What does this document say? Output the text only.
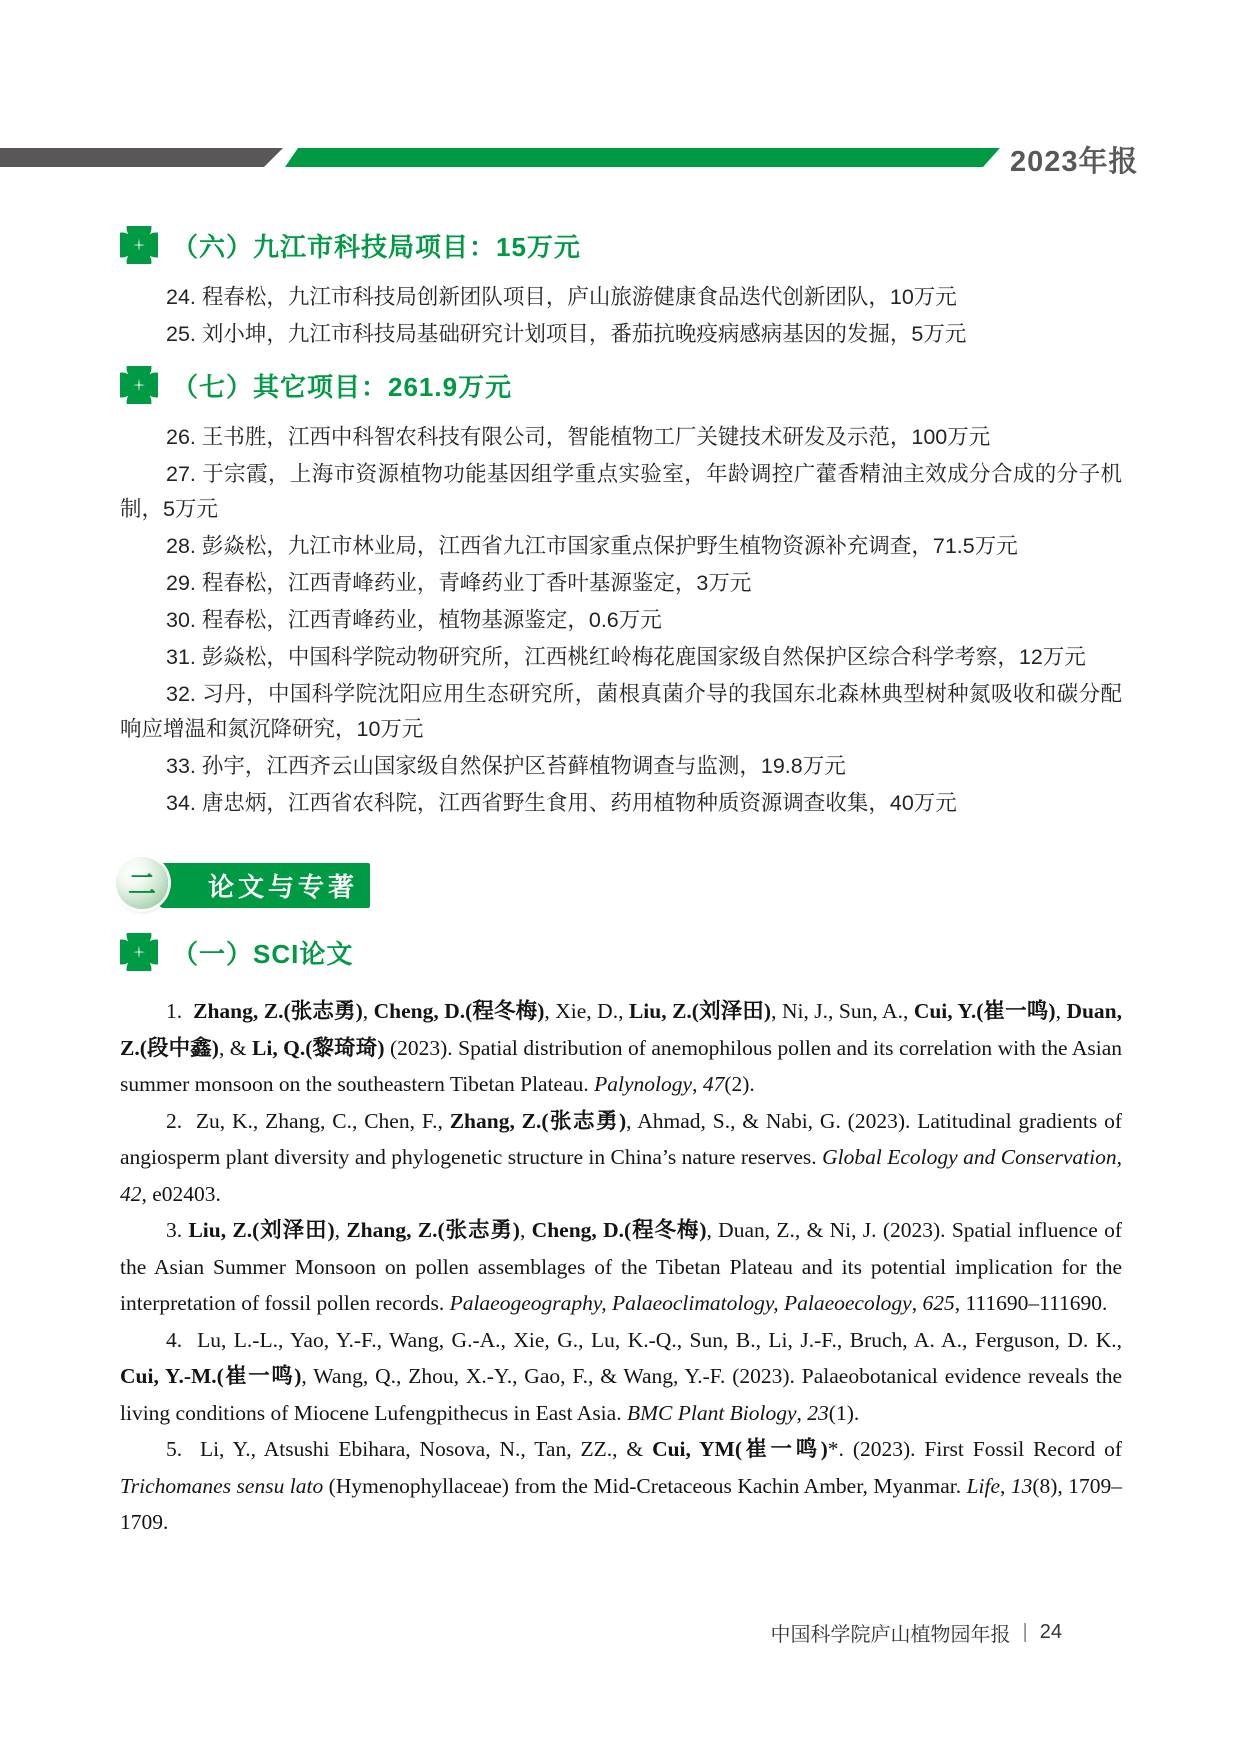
2023年报
（六）九江市科技局项目：15万元

24. 程春松，九江市科技局创新团队项目，庐山旅游健康食品迭代创新团队，10万元

25. 刘小坤，九江市科技局基础研究计划项目，番茄抗晚疫病感病基因的发掘，5万元

（七）其它项目：261.9万元

26. 王书胜，江西中科智农科技有限公司，智能植物工厂关键技术研发及示范，100万元

27. 于宗霞，上海市资源植物功能基因组学重点实验室，年龄调控广藿香精油主效成分合成的分子机制，5万元

28. 彭焱松，九江市林业局，江西省九江市国家重点保护野生植物资源补充调查，71.5万元

29. 程春松，江西青峰药业，青峰药业丁香叶基源鉴定，3万元

30. 程春松，江西青峰药业，植物基源鉴定，0.6万元

31. 彭焱松，中国科学院动物研究所，江西桃红岭梅花鹿国家级自然保护区综合科学考察，12万元

32. 习丹，中国科学院沈阳应用生态研究所，菌根真菌介导的我国东北森林典型树种氮吸收和碳分配响应增温和氮沉降研究，10万元

33. 孙宇，江西齐云山国家级自然保护区苔藓植物调查与监测，19.8万元

34. 唐忠炳，江西省农科院，江西省野生食用、药用植物种质资源调查收集，40万元

二 论文与专著
（一）SCI论文

1.  Zhang, Z.(张志勇), Cheng, D.(程冬梅), Xie, D., Liu, Z.(刘泽田), Ni, J., Sun, A., Cui, Y.(崔一鸣), Duan, Z.(段中鑫), & Li, Q.(黎琦琦) (2023). Spatial distribution of anemophilous pollen and its correlation with the Asian summer monsoon on the southeastern Tibetan Plateau. Palynology, 47(2).

2.  Zu, K., Zhang, C., Chen, F., Zhang, Z.(张志勇), Ahmad, S., & Nabi, G. (2023). Latitudinal gradients of angiosperm plant diversity and phylogenetic structure in China’s nature reserves. Global Ecology and Conservation, 42, e02403.

3. Liu, Z.(刘泽田), Zhang, Z.(张志勇), Cheng, D.(程冬梅), Duan, Z., & Ni, J. (2023). Spatial influence of the Asian Summer Monsoon on pollen assemblages of the Tibetan Plateau and its potential implication for the interpretation of fossil pollen records. Palaeogeography, Palaeoclimatology, Palaeoecology, 625, 111690–111690.

4.  Lu, L.-L., Yao, Y.-F., Wang, G.-A., Xie, G., Lu, K.-Q., Sun, B., Li, J.-F., Bruch, A. A., Ferguson, D. K., Cui, Y.-M.(崔一鸣), Wang, Q., Zhou, X.-Y., Gao, F., & Wang, Y.-F. (2023). Palaeobotanical evidence reveals the living conditions of Miocene Lufengpithecus in East Asia. BMC Plant Biology, 23(1).

5.  Li, Y., Atsushi Ebihara, Nosova, N., Tan, ZZ., & Cui, YM(崔一鸣)*. (2023). First Fossil Record of Trichomanes sensu lato (Hymenophyllaceae) from the Mid-Cretaceous Kachin Amber, Myanmar. Life, 13(8), 1709–1709.

中国科学院庐山植物园年报 | 24
